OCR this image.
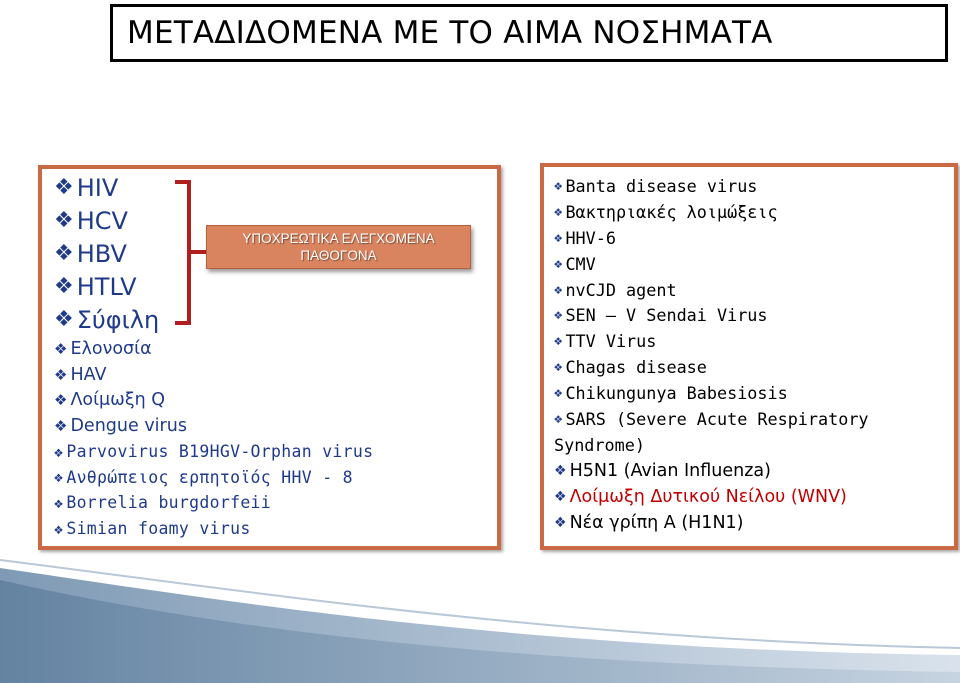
ΜΕΤΑΔΙΔΟΜΕΝΑ ΜΕ ΤΟ ΑΙΜΑ ΝΟΣΗΜΑΤΑ
❖ HIV
❖ HCV
❖ HBV
❖ HTLV
❖ Σύφιλη
❖ Ελονοσία
❖ HAV
❖ Λοίμωξη Q
❖ Dengue virus
❖ Parvovirus B19HGV-Orphan virus
❖ Ανθρώπειος ερπητοϊός HHV - 8
❖ Borrelia burgdorfeii
❖ Simian foamy virus
ΥΠΟΧΡΕΩΤΙΚΑ ΕΛΕΓΧΟΜΕΝΑ
ΠΑΘΟΓΟΝΑ
❖ Banta disease virus
❖ Βακτηριακές λοιμώξεις
❖ HHV-6
❖ CMV
❖ nvCJD agent
❖ SEN – V Sendai Virus
❖ TTV Virus
❖ Chagas disease
❖ Chikungunya Babesiosis
❖ SARS (Severe Acute Respiratory
Syndrome)
❖ H5N1 (Avian Influenza)
❖ Λοίμωξη Δυτικού Νείλου (WNV)
❖ Νέα γρίπη Α (H1N1)
